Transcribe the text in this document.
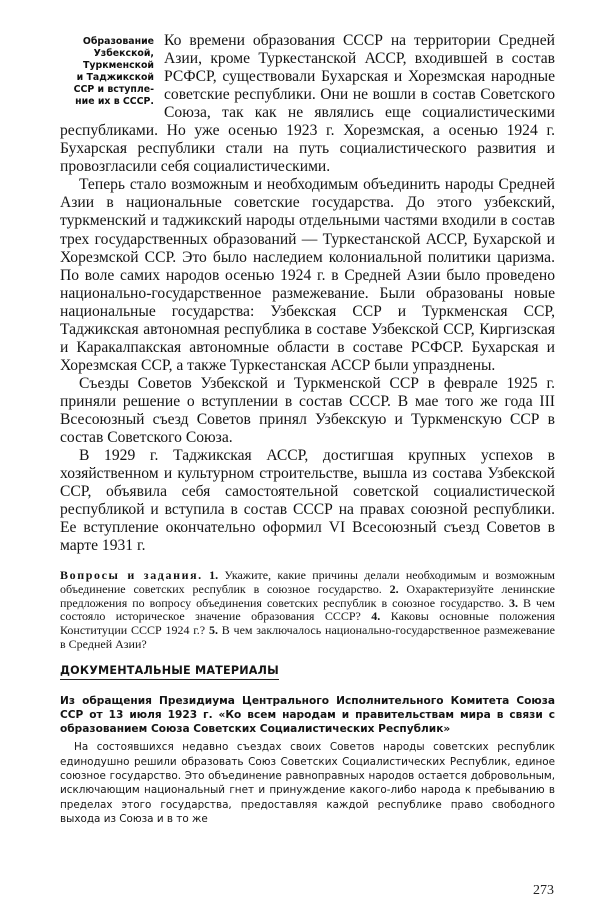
Образование
Узбекской,
Туркменской
и Таджикской
ССР и вступле-
ние их в СССР.

Ко времени образования СССР на территории Средней Азии, кроме Туркестанской АССР, входившей в состав РСФСР, существовали Бухарская и Хорезмская народные советские республики. Они не вошли в состав Советского Союза, так как не являлись еще социалистическими республиками. Но уже осенью 1923 г. Хорезмская, а осенью 1924 г. Бухарская республики стали на путь социалистического развития и провозгласили себя социалистическими.

Теперь стало возможным и необходимым объединить народы Средней Азии в национальные советские государства. До этого узбекский, туркменский и таджикский народы отдельными частями входили в состав трех государственных образований — Туркестанской АССР, Бухарской и Хорезмской ССР. Это было наследием колониальной политики царизма. По воле самих народов осенью 1924 г. в Средней Азии было проведено национально-государственное размежевание. Были образованы новые национальные государства: Узбекская ССР и Туркменская ССР, Таджикская автономная республика в составе Узбекской ССР, Киргизская и Каракалпакская автономные области в составе РСФСР. Бухарская и Хорезмская ССР, а также Туркестанская АССР были упразднены.

Съезды Советов Узбекской и Туркменской ССР в феврале 1925 г. приняли решение о вступлении в состав СССР. В мае того же года III Всесоюзный съезд Советов принял Узбекскую и Туркменскую ССР в состав Советского Союза.

В 1929 г. Таджикская АССР, достигшая крупных успехов в хозяйственном и культурном строительстве, вышла из состава Узбекской ССР, объявила себя самостоятельной советской социалистической республикой и вступила в состав СССР на правах союзной республики. Ее вступление окончательно оформил VI Всесоюзный съезд Советов в марте 1931 г.

Вопросы и задания. 1. Укажите, какие причины делали необходимым и возможным объединение советских республик в союзное государство. 2. Охарактеризуйте ленинские предложения по вопросу объединения советских республик в союзное государство. 3. В чем состояло историческое значение образования СССР? 4. Каковы основные положения Конституции СССР 1924 г.? 5. В чем заключалось национально-государственное размежевание в Средней Азии?

ДОКУМЕНТАЛЬНЫЕ МАТЕРИАЛЫ
Из обращения Президиума Центрального Исполнительного Комитета Союза ССР от 13 июля 1923 г. «Ко всем народам и правительствам мира в связи с образованием Союза Советских Социалистических Республик»

На состоявшихся недавно съездах своих Советов народы советских республик единодушно решили образовать Союз Советских Социалистических Республик, единое союзное государство. Это объединение равноправных народов остается добровольным, исключающим национальный гнет и принуждение какого-либо народа к пребыванию в пределах этого государства, предоставляя каждой республике право свободного выхода из Союза и в то же

273
